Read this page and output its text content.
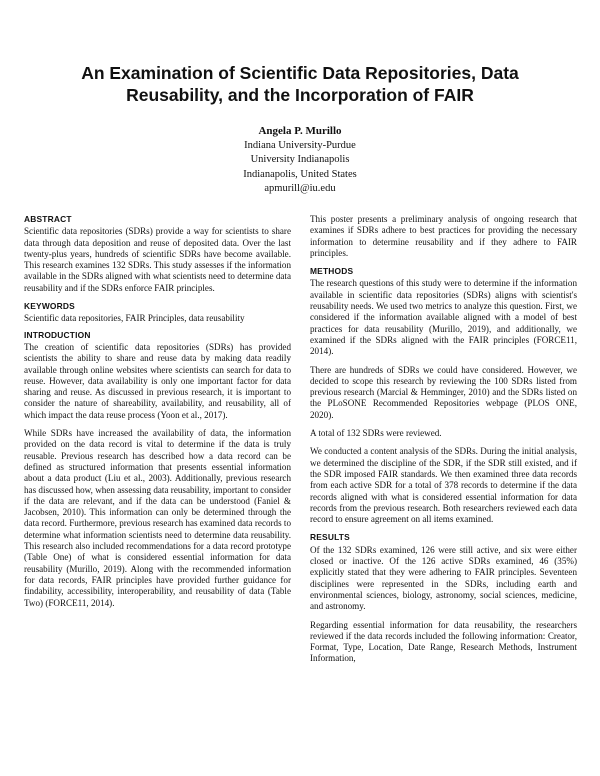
An Examination of Scientific Data Repositories, Data Reusability, and the Incorporation of FAIR
Angela P. Murillo
Indiana University-Purdue
University Indianapolis
Indianapolis, United States
apmurill@iu.edu
ABSTRACT

Scientific data repositories (SDRs) provide a way for scientists to share data through data deposition and reuse of deposited data. Over the last twenty-plus years, hundreds of scientific SDRs have become available. This research examines 132 SDRs. This study assesses if the information available in the SDRs aligned with what scientists need to determine data reusability and if the SDRs enforce FAIR principles.

KEYWORDS

Scientific data repositories, FAIR Principles, data reusability

INTRODUCTION

The creation of scientific data repositories (SDRs) has provided scientists the ability to share and reuse data by making data readily available through online websites where scientists can search for data to reuse. However, data availability is only one important factor for data sharing and reuse. As discussed in previous research, it is important to consider the nature of shareability, availability, and reusability, all of which impact the data reuse process (Yoon et al., 2017).

While SDRs have increased the availability of data, the information provided on the data record is vital to determine if the data is truly reusable. Previous research has described how a data record can be defined as structured information that presents essential information about a data product (Liu et al., 2003). Additionally, previous research has discussed how, when assessing data reusability, important to consider if the data are relevant, and if the data can be understood (Faniel & Jacobsen, 2010). This information can only be determined through the data record. Furthermore, previous research has examined data records to determine what information scientists need to determine data reusability. This research also included recommendations for a data record prototype (Table One) of what is considered essential information for data reusability (Murillo, 2019). Along with the recommended information for data records, FAIR principles have provided further guidance for findability, accessibility, interoperability, and reusability of data (Table Two) (FORCE11, 2014).

This poster presents a preliminary analysis of ongoing research that examines if SDRs adhere to best practices for providing the necessary information to determine reusability and if they adhere to FAIR principles.

METHODS

The research questions of this study were to determine if the information available in scientific data repositories (SDRs) aligns with scientist's reusability needs. We used two metrics to analyze this question. First, we considered if the information available aligned with a model of best practices for data reusability (Murillo, 2019), and additionally, we examined if the SDRs aligned with the FAIR principles (FORCE11, 2014).

There are hundreds of SDRs we could have considered. However, we decided to scope this research by reviewing the 100 SDRs listed from previous research (Marcial & Hemminger, 2010) and the SDRs listed on the PLoSONE Recommended Repositories webpage (PLOS ONE, 2020).

A total of 132 SDRs were reviewed.

We conducted a content analysis of the SDRs. During the initial analysis, we determined the discipline of the SDR, if the SDR still existed, and if the SDR imposed FAIR standards. We then examined three data records from each active SDR for a total of 378 records to determine if the data records aligned with what is considered essential information for data records from the previous research. Both researchers reviewed each data record to ensure agreement on all items examined.

RESULTS

Of the 132 SDRs examined, 126 were still active, and six were either closed or inactive. Of the 126 active SDRs examined, 46 (35%) explicitly stated that they were adhering to FAIR principles. Seventeen disciplines were represented in the SDRs, including earth and environmental sciences, biology, astronomy, social sciences, medicine, and astronomy.

Regarding essential information for data reusability, the researchers reviewed if the data records included the following information: Creator, Format, Type, Location, Date Range, Research Methods, Instrument Information,
